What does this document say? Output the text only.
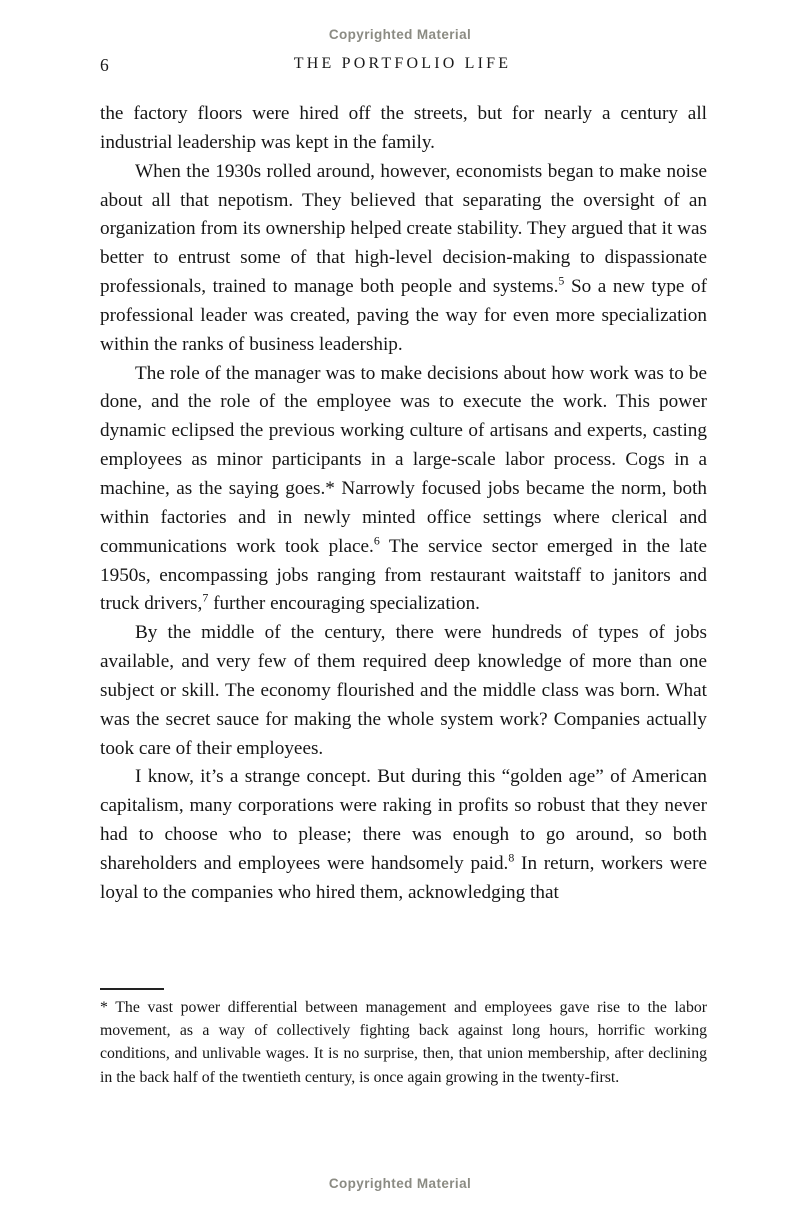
Copyrighted Material
6	THE PORTFOLIO LIFE

the factory floors were hired off the streets, but for nearly a century all industrial leadership was kept in the family.

When the 1930s rolled around, however, economists began to make noise about all that nepotism. They believed that separating the oversight of an organization from its ownership helped create stability. They argued that it was better to entrust some of that high-level decision-making to dispassionate professionals, trained to manage both people and systems.$^5$ So a new type of professional leader was created, paving the way for even more specialization within the ranks of business leadership.

The role of the manager was to make decisions about how work was to be done, and the role of the employee was to execute the work. This power dynamic eclipsed the previous working culture of artisans and experts, casting employees as minor participants in a large-scale labor process. Cogs in a machine, as the saying goes.* Narrowly focused jobs became the norm, both within factories and in newly minted office settings where clerical and communications work took place.$^6$ The service sector emerged in the late 1950s, encompassing jobs ranging from restaurant waitstaff to janitors and truck drivers,$^7$ further encouraging specialization.

By the middle of the century, there were hundreds of types of jobs available, and very few of them required deep knowledge of more than one subject or skill. The economy flourished and the middle class was born. What was the secret sauce for making the whole system work? Companies actually took care of their employees.

I know, it’s a strange concept. But during this “golden age” of American capitalism, many corporations were raking in profits so robust that they never had to choose who to please; there was enough to go around, so both shareholders and employees were handsomely paid.$^8$ In return, workers were loyal to the companies who hired them, acknowledging that

* The vast power differential between management and employees gave rise to the labor movement, as a way of collectively fighting back against long hours, horrific working conditions, and unlivable wages. It is no surprise, then, that union membership, after declining in the back half of the twentieth century, is once again growing in the twenty-first.

Copyrighted Material
